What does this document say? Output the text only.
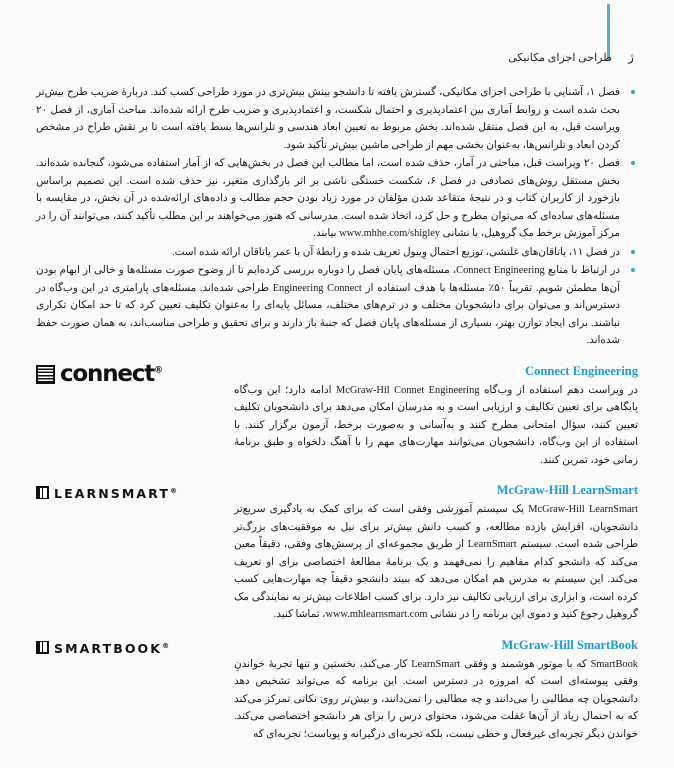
ژ
طراحی اجزای مکانیکی

فصل ۱، آشنایی با طراحی اجزای مکانیکی، گسترش یافته تا دانشجو بینش بیش‌تری در مورد طراحی کسب کند. دربارهٔ ضریب طرح بیش‌تر بحث شده است و روابط آماری بین اعتمادپذیری و احتمال شکست، و اعتمادپذیری و ضریب طرح ارائه شده‌اند. مباحث آماری، از فصل ۲۰ ویراست قبل، به این فصل منتقل شده‌اند. بخش مربوط به تعیین ابعاد هندسی و تلرانس‌ها بسط یافته است تا بر نقش طراح در مشخص کردن ابعاد و تلرانس‌ها، به‌عنوان بخشی مهم از طراحی ماشین بیش‌تر تأکید شود.

فصل ۲۰ ویراست قبل، مباحثی در آمار، حذف شده است، اما مطالب این فصل در بخش‌هایی که از آمار استفاده می‌شود، گنجانده شده‌اند. بخش مستقل روش‌های تصادفی در فصل ۶، شکست خستگی ناشی بر اثر بارگذاری متغیر، نیز حذف شده است. این تصمیم براساس بازخورد از کاربران کتاب و در نتیجهٔ متقاعد شدن مؤلفان در مورد زیاد بودن حجم مطالب و داده‌های ارائه‌شده در آن بخش، در مقایسه با مسئله‌های ساده‌ای که می‌توان مطرح و حل کرد، اتخاذ شده است. مدرسانی که هنوز می‌خواهند بر این مطلب تأکید کنند، می‌توانند آن را در مرکز آموزش برخط مک گروهیل، با نشانی www.mhhe.com/shigley بیابند.

در فصل ۱۱، یاتاقان‌های غلتشی، توزیع احتمال وِیبول تعریف شده و رابطهٔ آن با عمر یاتاقان ارائه شده است.

در ارتباط با منابع Connect Engineering، مسئله‌های پایان فصل را دوباره بررسی کرده‌ایم تا از وضوح صورت مسئله‌ها و خالی از ابهام بودن آن‌ها مطمئن شویم. تقریباً ۵۰٪ مسئله‌ها با هدف استفاده از Engineering Connect طراحی شده‌اند. مسئله‌های پارامتری در این وب‌گاه در دسترس‌اند و می‌توان برای دانشجویان مختلف و در ترم‌های مختلف، مسائل پایه‌ای را به‌عنوان تکلیف تعیین کرد که تا حد امکان تکراری نباشند. برای ایجاد توازن بهتر، بسیاری از مسئله‌های پایان فصل که جنبهٔ باز دارند و برای تحقیق و طراحی مناسب‌اند، به همان صورت حفظ شده‌اند.

connect®	Connect Engineering

در ویراست دهم استفاده از وب‌گاه McGraw-Hil Connet Engineering ادامه دارد؛ این وب‌گاه پایگاهی برای تعیین تکالیف و ارزیابی است و به مدرسان امکان می‌دهد برای دانشجویان تکلیف تعیین کنند، سؤال امتحانی مطرح کنند و به‌آسانی و به‌صورت برخط، آزمون برگزار کنند. با استفاده از این وب‌گاه، دانشجویان می‌توانند مهارت‌های مهم را با آهنگ دلخواه و طبق برنامهٔ زمانی خود، تمرین کنند.

LEARNSMART®	McGraw-Hill LearnSmart

McGraw-Hill LearnSmart یک سیستم آموزشی وفقی است که برای کمک به یادگیری سریع‌تر دانشجویان، افزایش بازده مطالعه، و کسب دانش بیش‌تر برای نیل به موفقیت‌های بزرگ‌تر طراحی شده است. سیستم LearnSmart از طریق مجموعه‌ای از پرسش‌های وفقی، دقیقاً معین می‌کند که دانشجو کدام مفاهیم را نمی‌فهمد و یک برنامهٔ مطالعهٔ اختصاصی برای او تعریف می‌کند. این سیستم به مدرس هم امکان می‌دهد که ببیند دانشجو دقیقاً چه مهارت‌هایی کسب کرده است، و ابزاری برای ارزیابی تکالیف نیز دارد. برای کسب اطلاعات بیش‌تر به نمایندگی مک گروهیل رجوع کنید و دموی این برنامه را در نشانی www.mhlearnsmart.com، تماشا کنید.

SMARTBOOK®	McGraw-Hill SmartBook

SmartBook که با موتور هوشمند و وفقی LearnSmart کار می‌کند، نخستین و تنها تجربهٔ خواندنِ وفقی پیوسته‌ای است که امروزه در دسترس است. این برنامه که می‌تواند تشخیص دهد دانشجویان چه مطالبی را می‌دانند و چه مطالبی را نمی‌دانند، و بیش‌تر روی نکاتی تمرکز می‌کند که به احتمال زیاد از آن‌ها غفلت می‌شود، محتوای درس را برای هر دانشجو اختصاصی می‌کند. خواندن دیگر تجربه‌ای غیرفعال و خطی نیست، بلکه تجربه‌ای درگیرانه و پویاست؛ تجربه‌ای که
